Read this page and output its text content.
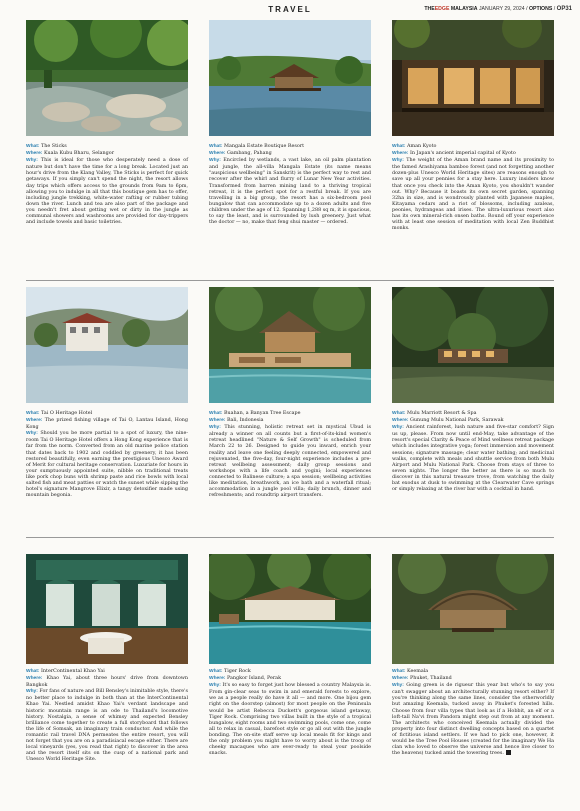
TRAVEL	THEEDGE MALAYSIA JANUARY 29, 2024 / OPTIONS / OP31

What: The Sticks

Where: Kuala Kubu Bharu, Selangor

Why: This is ideal for those who desperately need a dose of nature but don't have the time for a long break. Located just an hour's drive from the Klang Valley, The Sticks is perfect for quick getaways. If you simply can't spend the night, the resort allows day trips which offers access to the grounds from 9am to 6pm, allowing you to indulge in all that this boutique gem has to offer, including jungle trekking, white-water rafting or rubber tubing down the river. Lunch and tea are also part of the package and you needn't fret about getting wet or dirty in the jungle as communal showers and washrooms are provided for day-trippers and include towels and basic toiletries.

What: Mangala Estate Boutique Resort

Where: Gambang, Pahang

Why: Encircled by wetlands, a vast lake, an oil palm plantation and jungle, the all-villa Mangala Estate (its name means "auspicious wellbeing" in Sanskrit) is the perfect way to rest and recover after the whirl and flurry of Lunar New Year activities. Transformed from barren mining land to a thriving tropical retreat, it is the perfect spot for a restful break. If you are travelling in a big group, the resort has a six-bedroom pool bungalow that can accommodate up to a dozen adults and five children under the age of 12. Spanning 1,288 sq m, it is spacious, to say the least, and is surrounded by lush greenery. Just what the doctor — no, make that feng shui master — ordered.

What: Aman Kyoto

Where: In Japan's ancient imperial capital of Kyoto

Why: The weight of the Aman brand name and its proximity to the famed Arashiyama bamboo forest (and not forgetting another dozen-plus Unesco World Heritage sites) are reasons enough to save up all your pennies for a stay here. Luxury insiders know that once you check into the Aman Kyoto, you shouldn't wander out. Why? Because it boasts its own secret garden, spanning 32ha in size, and is wondrously planted with Japanese maples, Kitayama cedars and a riot of blossoms, including azaleas, peonies, hydrangeas and irises. The ultra-luxurious resort also has its own mineral-rich onsen baths. Round off your experience with at least one session of meditation with local Zen Buddhist monks.

What: Tai O Heritage Hotel

Where: The prized fishing village of Tai O, Lantau Island, Hong Kong

Why: Should you be more partial to a spot of luxury, the nine-room Tai O Heritage Hotel offers a Hong Kong experience that is far from the norm. Converted from an old marine police station that dates back to 1902 and coddled by greenery, it has been restored beautifully, even earning the prestigious Unesco Award of Merit for cultural heritage conservation. Luxuriate for hours in your sumptuously appointed suite, nibble on traditional treats like pork chop buns with shrimp paste and rice bowls with local salted fish and meat patties or watch the sunset while sipping the hotel's signature Mangrove Elixir, a tangy detoxifier made using mountain begonia.

What: Buahan, a Banyan Tree Escape

Where: Bali, Indonesia

Why: This stunning, holistic retreat set in mystical Ubud is already a winner on all counts but a first-of-its-kind women's retreat headlined "Nature & Self Growth" is scheduled from March 22 to 26. Designed to guide you inward, enrich your reality and leave one feeling deeply connected, empowered and rejuvenated, the five-day, four-night experience includes a pre-retreat wellbeing assessment; daily group sessions and workshops with a life coach and yogini; local experiences connected to Balinese culture; a spa session; wellbeing activities like meditation, breathwork, an ice bath and a waterfall ritual; accommodation in a jungle pool villa; daily brunch, dinner and refreshments; and roundtrip airport transfers.

What: Mulu Marriott Resort & Spa

Where: Gunung Mulu National Park, Sarawak

Why: Ancient rainforest, lush nature and five-star comfort? Sign us up, please. From now until end-May, take advantage of the resort's special Clarity & Peace of Mind wellness retreat package which includes integrative yoga; forest immersion and movement sessions; signature massage; clear water bathing; and medicinal walks, complete with meals and shuttle service from both Mulu Airport and Mulu National Park. Choose from stays of three to seven nights. The longer the better as there is so much to discover in this natural treasure trove, from watching the daily bat exodus at dusk to swimming at the Clearwater Cave springs or simply relaxing at the river bar with a cocktail in hand.

What: InterContinental Khao Yai

Where: Khao Yai, about three hours' drive from downtown Bangkok

Why: For fans of nature and Bill Bensley's inimitable style, there's no better place to indulge in both than at the InterContinental Khao Yai. Nestled amidst Khao Yai's verdant landscape and historic mountain range is an ode to Thailand's locomotive history. Nostalgia, a sense of whimsy and expected Bensley brilliance come together to create a full storyboard that follows the life of Somsak, an imaginary train conductor. And while the romantic rail travel DNA permeates the entire resort, you will not forget that you are on a paradisiacal escape either. There are local vineyards (yes, you read that right) to discover in the area and the resort itself sits on the cusp of a national park and Unesco World Heritage Site.

What: Tiger Rock

Where: Pangkor Island, Perak

Why: It's so easy to forget just how blessed a country Malaysia is. From gin-clear seas to swim in and emerald forests to explore, we as a people really do have it all — and more. One bijou gem right on the doorstep (almost) for most people on the Peninsula would be artist Rebecca Duckett's gorgeous island getaway, Tiger Rock. Comprising two villas built in the style of a tropical bungalow, eight rooms and two swimming pools, come one, come all to relax in casual, barefoot style or go all out with the jungle bonding. The on-site staff serve up local meals fit for kings and the only problem you might have to worry about is the troop of cheeky macaques who are ever-ready to steal your poolside snacks.

What: Keemala

Where: Phuket, Thailand

Why: Going green is de rigueur this year but who's to say you can't swagger about an architecturally stunning resort either? If you're thinking along the same lines, consider the otherworldly but amazing Keemala, tucked away in Phuket's forested hills. Choose from four villa types that look as if a Hobbit, an elf or a loft-tall Na'vi from Pandora might step out from at any moment. The architects who conceived Keemala actually divided the property into four distinct dwelling concepts based on a quartet of fictitious island settlers. If we had to pick one, however, it would be the Tree Pool Houses (created for the imaginary We Ha clan who loved to observe the universe and hence live closer to the heavens) tucked amid the towering trees.
